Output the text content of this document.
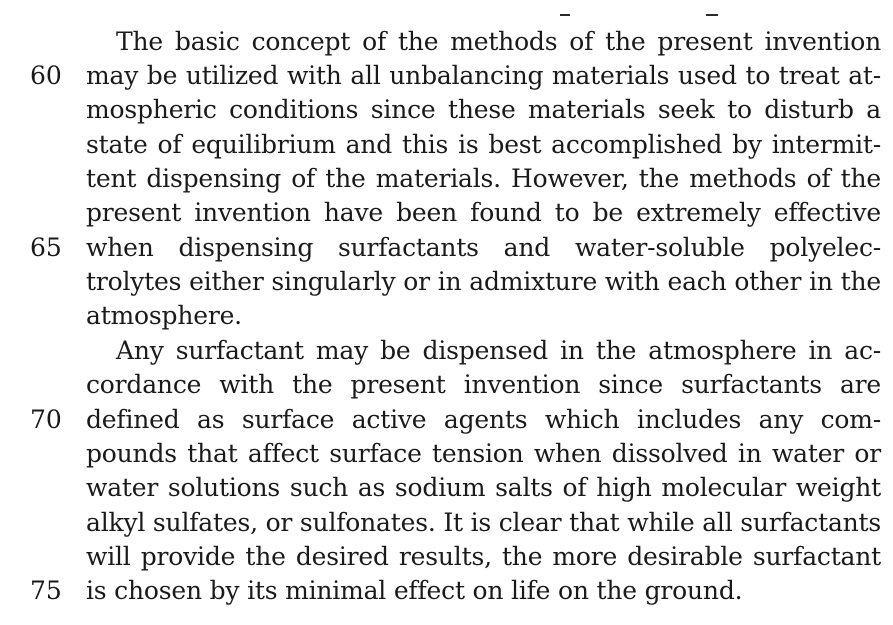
60
65
70
75
The basic concept of the methods of the present invention
may be utilized with all unbalancing materials used to treat at-
mospheric conditions since these materials seek to disturb a
state of equilibrium and this is best accomplished by intermit-
tent dispensing of the materials. However, the methods of the
present invention have been found to be extremely effective
when dispensing surfactants and water-soluble polyelec-
trolytes either singularly or in admixture with each other in the
atmosphere.
Any surfactant may be dispensed in the atmosphere in ac-
cordance with the present invention since surfactants are
defined as surface active agents which includes any com-
pounds that affect surface tension when dissolved in water or
water solutions such as sodium salts of high molecular weight
alkyl sulfates, or sulfonates. It is clear that while all surfactants
will provide the desired results, the more desirable surfactant
is chosen by its minimal effect on life on the ground.
